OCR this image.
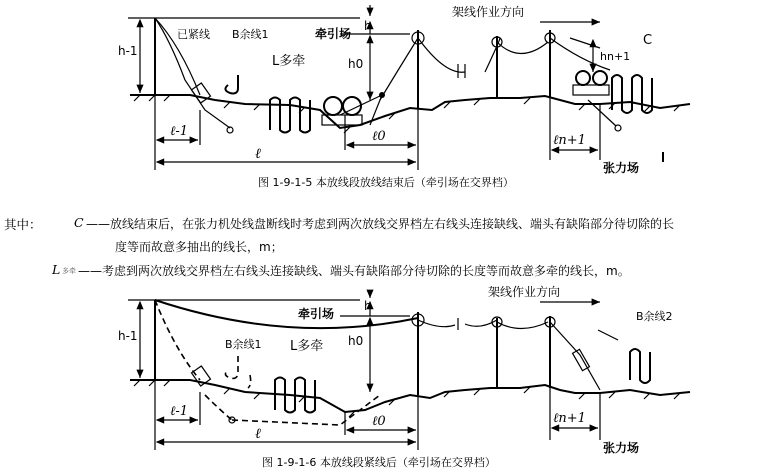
架线作业方向
已紧线 B余线1	牵引场
h
h-1
h0
hn+1
C
L多牵
ℓ-1
ℓ
ℓ0	ℓn+1
张力场
图 1-9-1-5 本放线段放线结束后（牵引场在交界档）
架线作业方向
牵引场
h
h-1	h0
B余线1
B余线2
L多牵
ℓ-1
ℓ
ℓ0	ℓn+1
张力场
图 1-9-1-6 本放线段紧线后（牵引场在交界档）
其中：	C ——放线结束后，在张力机处线盘断线时考虑到两次放线交界档左右线头连接缺线、端头有缺陷部分待切除的长
度等而故意多抽出的线长，m；
L 多牵 ——考虑到两次放线交界档左右线头连接缺线、端头有缺陷部分待切除的长度等而故意多牵的线长，m。
